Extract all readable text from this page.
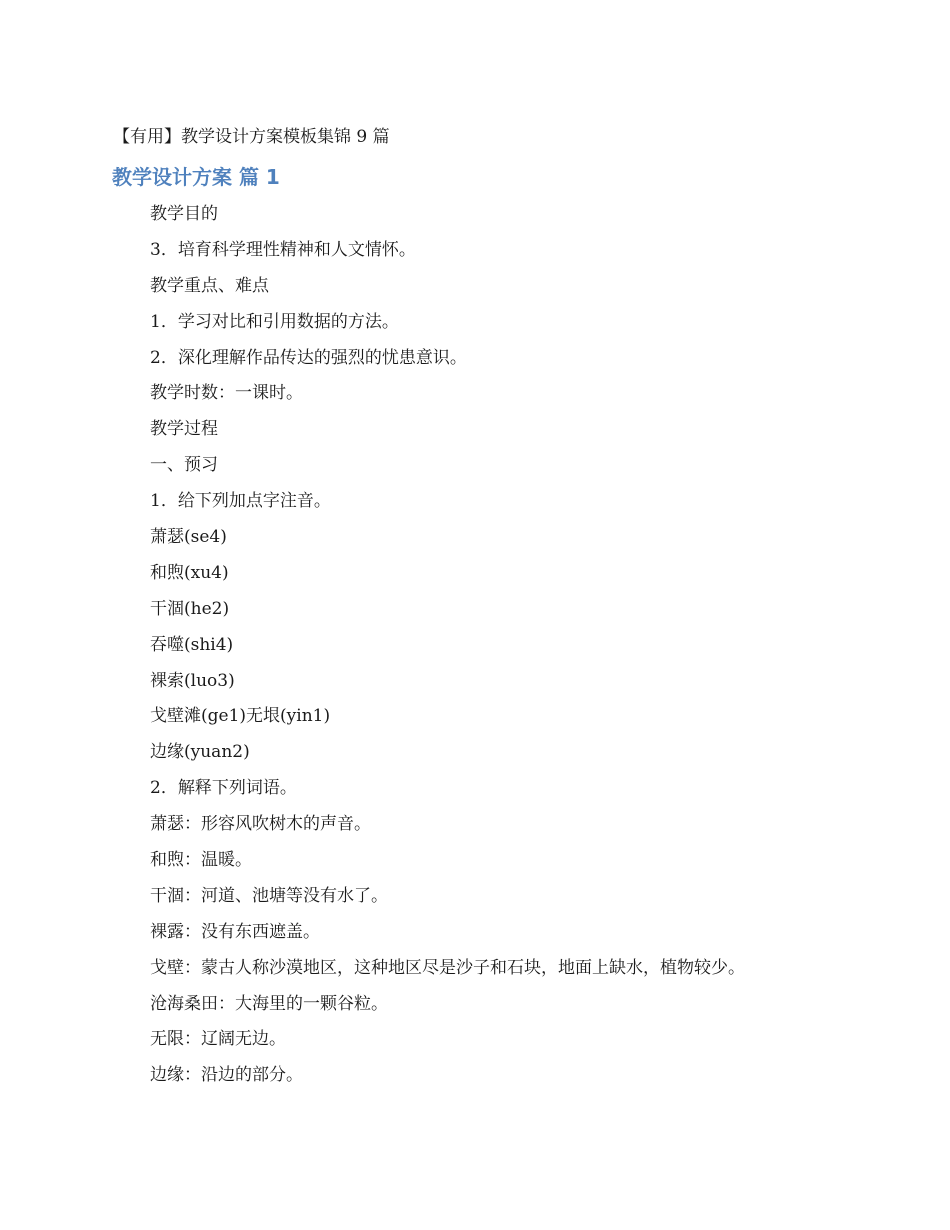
【有用】教学设计方案模板集锦 9 篇
教学设计方案 篇 1
教学目的
3．培育科学理性精神和人文情怀。
教学重点、难点
1．学习对比和引用数据的方法。
2．深化理解作品传达的强烈的忧患意识。
教学时数：一课时。
教学过程
一、预习
1．给下列加点字注音。
萧瑟(se4)
和煦(xu4)
干涸(he2)
吞噬(shi4)
裸索(luo3)
戈壁滩(ge1)无垠(yin1)
边缘(yuan2)
2．解释下列词语。
萧瑟：形容风吹树木的声音。
和煦：温暖。
干涸：河道、池塘等没有水了。
裸露：没有东西遮盖。
戈壁：蒙古人称沙漠地区，这种地区尽是沙子和石块，地面上缺水，植物较少。
沧海桑田：大海里的一颗谷粒。
无限：辽阔无边。
边缘：沿边的部分。
